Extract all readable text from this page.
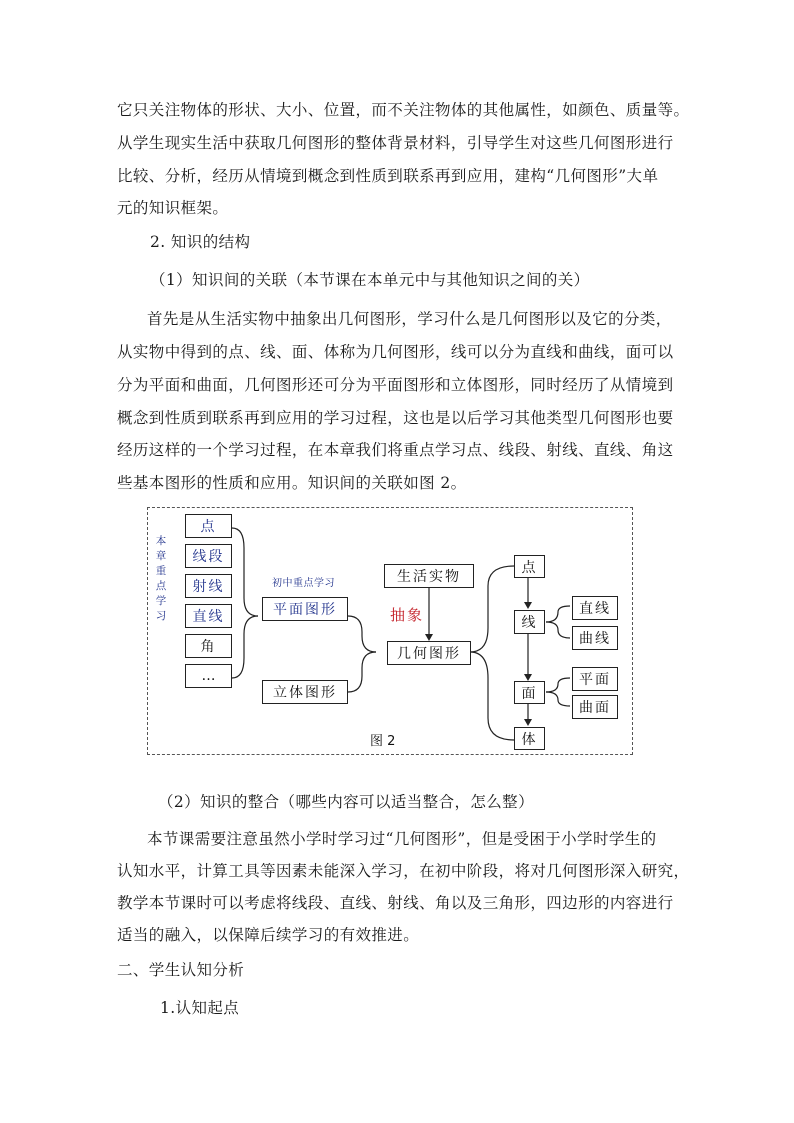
它只关注物体的形状、大小、位置，而不关注物体的其他属性，如颜色、质量等。
从学生现实生活中获取几何图形的整体背景材料，引导学生对这些几何图形进行
比较、分析，经历从情境到概念到性质到联系再到应用，建构“几何图形”大单
元的知识框架。
2. 知识的结构
（1）知识间的关联（本节课在本单元中与其他知识之间的关）
首先是从生活实物中抽象出几何图形，学习什么是几何图形以及它的分类，
从实物中得到的点、线、面、体称为几何图形，线可以分为直线和曲线，面可以
分为平面和曲面，几何图形还可分为平面图形和立体图形，同时经历了从情境到
概念到性质到联系再到应用的学习过程，这也是以后学习其他类型几何图形也要
经历这样的一个学习过程，在本章我们将重点学习点、线段、射线、直线、角这
些基本图形的性质和应用。知识间的关联如图 2。
本章重点学习
点
线段
射线
直线
角
…
初中重点学习
平面图形
立体图形
生活实物
抽象
几何图形
点
线
面
体
直线
曲线
平面
曲面
图 2
（2）知识的整合（哪些内容可以适当整合，怎么整）
本节课需要注意虽然小学时学习过“几何图形”，但是受困于小学时学生的
认知水平，计算工具等因素未能深入学习，在初中阶段，将对几何图形深入研究，
教学本节课时可以考虑将线段、直线、射线、角以及三角形，四边形的内容进行
适当的融入，以保障后续学习的有效推进。
二、学生认知分析
1.认知起点
